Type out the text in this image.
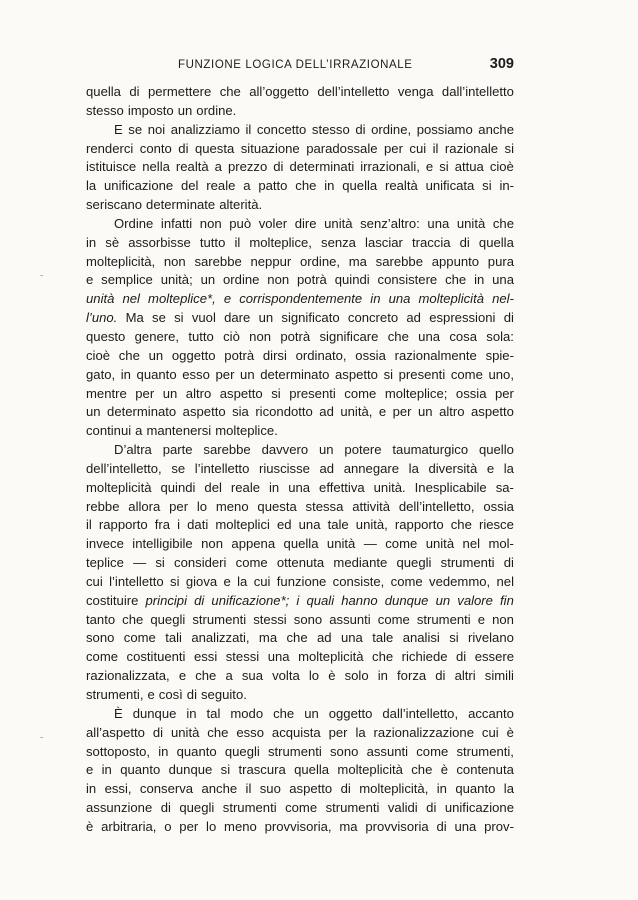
FUNZIONE LOGICA DELL’IRRAZIONALE	309
quella di permettere che all’oggetto dell’intelletto venga dall’intelletto
stesso imposto un ordine.
E se noi analizziamo il concetto stesso di ordine, possiamo anche
renderci conto di questa situazione paradossale per cui il razionale si
istituisce nella realtà a prezzo di determinati irrazionali, e si attua cioè
la unificazione del reale a patto che in quella realtà unificata si in-
seriscano determinate alterità.
Ordine infatti non può voler dire unità senz’altro: una unità che
in sè assorbisse tutto il molteplice, senza lasciar traccia di quella
molteplicità, non sarebbe neppur ordine, ma sarebbe appunto pura
e semplice unità; un ordine non potrà quindi consistere che in una
unità nel molteplice*, e corrispondentemente in una molteplicità nel-
l’uno. Ma se si vuol dare un significato concreto ad espressioni di
questo genere, tutto ciò non potrà significare che una cosa sola:
cioè che un oggetto potrà dirsi ordinato, ossia razionalmente spie-
gato, in quanto esso per un determinato aspetto si presenti come uno,
mentre per un altro aspetto si presenti come molteplice; ossia per
un determinato aspetto sia ricondotto ad unità, e per un altro aspetto
continui a mantenersi molteplice.
D’altra parte sarebbe davvero un potere taumaturgico quello
dell’intelletto, se l’intelletto riuscisse ad annegare la diversità e la
molteplicità quindi del reale in una effettiva unità. Inesplicabile sa-
rebbe allora per lo meno questa stessa attività dell’intelletto, ossia
il rapporto fra i dati molteplici ed una tale unità, rapporto che riesce
invece intelligibile non appena quella unità — come unità nel mol-
teplice — si consideri come ottenuta mediante quegli strumenti di
cui l’intelletto si giova e la cui funzione consiste, come vedemmo, nel
costituire principi di unificazione*; i quali hanno dunque un valore fin
tanto che quegli strumenti stessi sono assunti come strumenti e non
sono come tali analizzati, ma che ad una tale analisi si rivelano
come costituenti essi stessi una molteplicità che richiede di essere
razionalizzata, e che a sua volta lo è solo in forza di altri simili
strumenti, e così di seguito.
È dunque in tal modo che un oggetto dall’intelletto, accanto
all’aspetto di unità che esso acquista per la razionalizzazione cui è
sottoposto, in quanto quegli strumenti sono assunti come strumenti,
e in quanto dunque si trascura quella molteplicità che è contenuta
in essi, conserva anche il suo aspetto di molteplicità, in quanto la
assunzione di quegli strumenti come strumenti validi di unificazione
è arbitraria, o per lo meno provvisoria, ma provvisoria di una prov-
-
-
